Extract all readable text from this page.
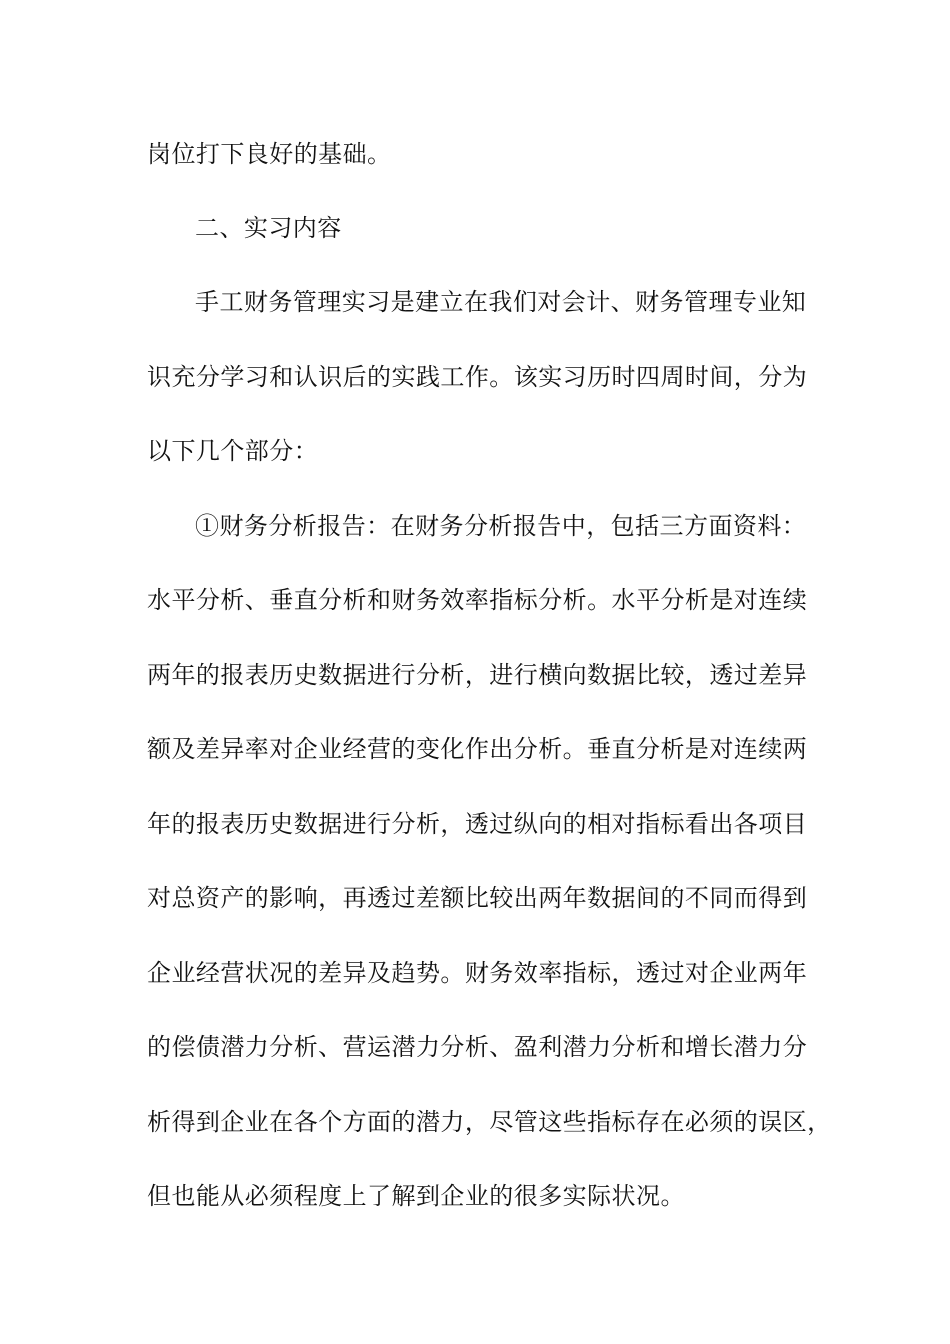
岗位打下良好的基础。
二、实习内容
手工财务管理实习是建立在我们对会计、财务管理专业知
识充分学习和认识后的实践工作。该实习历时四周时间，分为
以下几个部分：
①财务分析报告：在财务分析报告中，包括三方面资料：
水平分析、垂直分析和财务效率指标分析。水平分析是对连续
两年的报表历史数据进行分析，进行横向数据比较，透过差异
额及差异率对企业经营的变化作出分析。垂直分析是对连续两
年的报表历史数据进行分析，透过纵向的相对指标看出各项目
对总资产的影响，再透过差额比较出两年数据间的不同而得到
企业经营状况的差异及趋势。财务效率指标，透过对企业两年
的偿债潜力分析、营运潜力分析、盈利潜力分析和增长潜力分
析得到企业在各个方面的潜力，尽管这些指标存在必须的误区，
但也能从必须程度上了解到企业的很多实际状况。
